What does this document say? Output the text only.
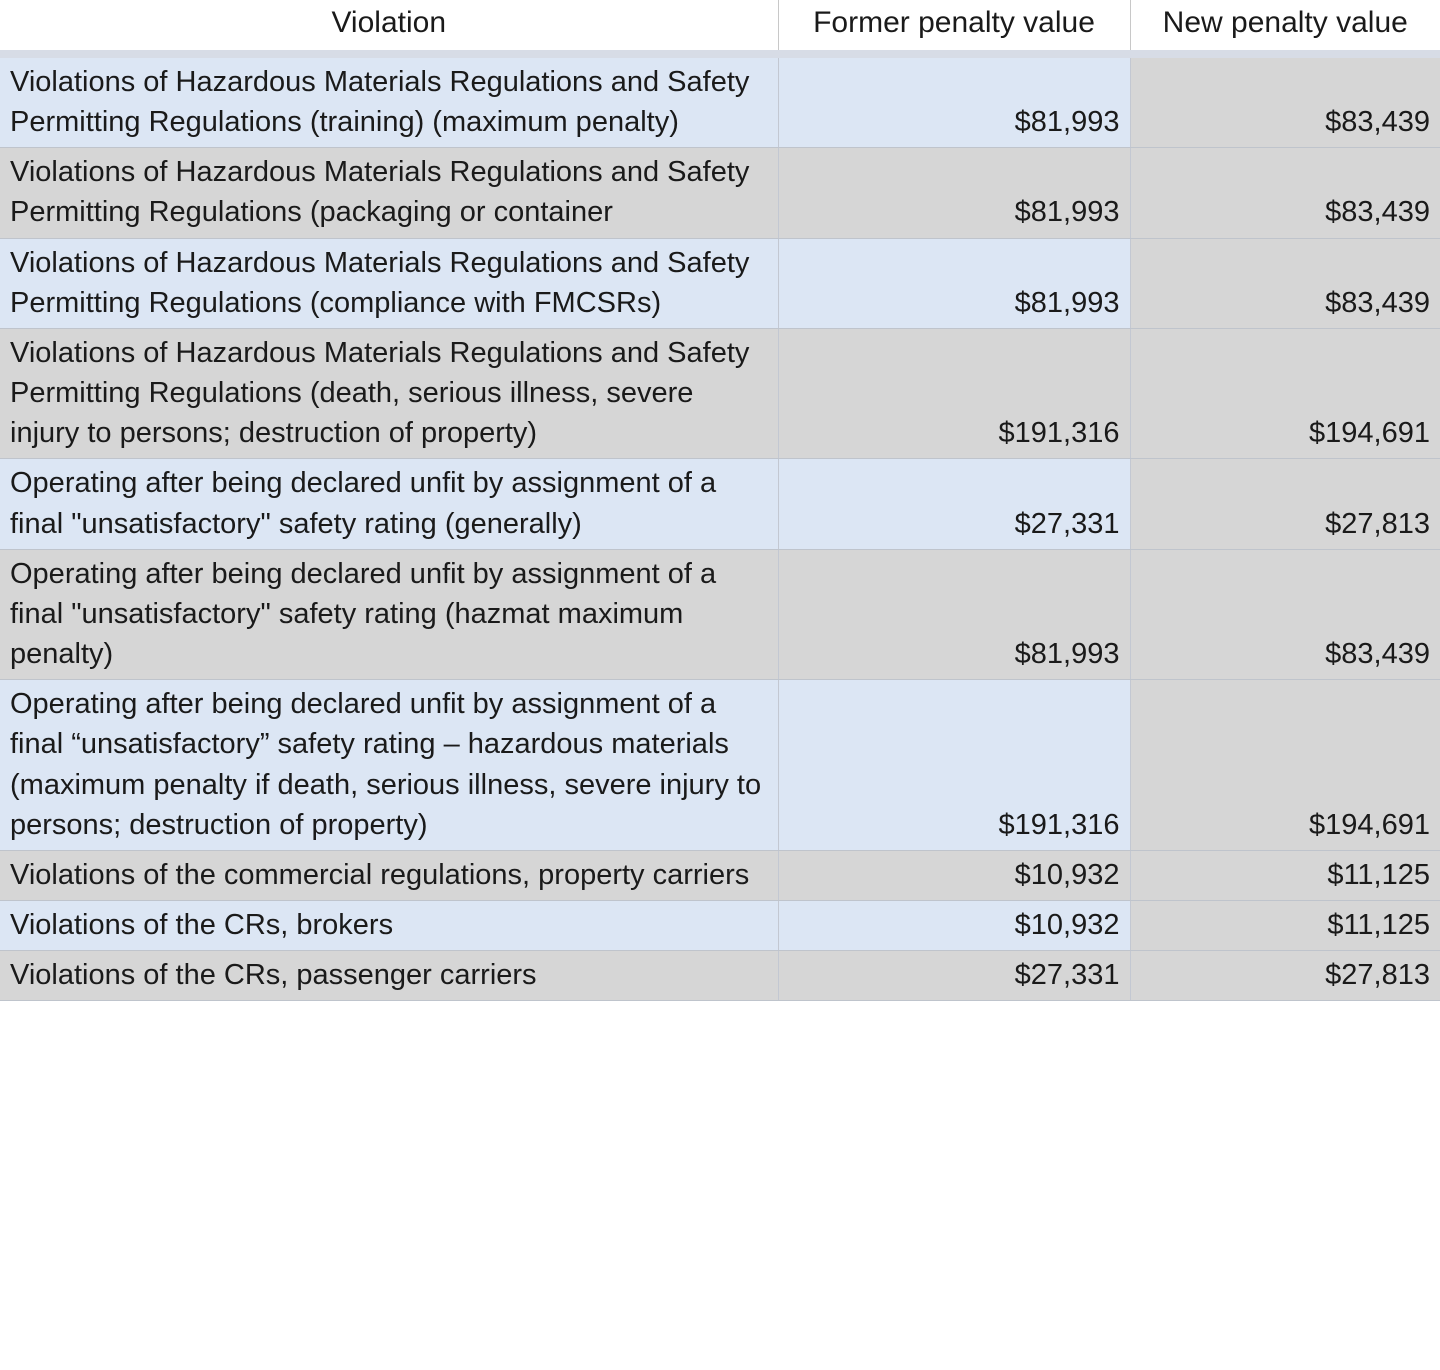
Violation	Former penalty value	New penalty value

Violations of Hazardous Materials Regulations and Safety Permitting Regulations (training) (maximum penalty)	$81,993	$83,439
Violations of Hazardous Materials Regulations and Safety Permitting Regulations (packaging or container	$81,993	$83,439
Violations of Hazardous Materials Regulations and Safety Permitting Regulations (compliance with FMCSRs)	$81,993	$83,439
Violations of Hazardous Materials Regulations and Safety Permitting Regulations (death, serious illness, severe injury to persons; destruction of property)	$191,316	$194,691
Operating after being declared unfit by assignment of a final "unsatisfactory" safety rating (generally)	$27,331	$27,813
Operating after being declared unfit by assignment of a final "unsatisfactory" safety rating (hazmat maximum penalty)	$81,993	$83,439
Operating after being declared unfit by assignment of a final “unsatisfactory” safety rating – hazardous materials (maximum penalty if death, serious illness, severe injury to persons; destruction of property)	$191,316	$194,691
Violations of the commercial regulations, property carriers	$10,932	$11,125
Violations of the CRs, brokers	$10,932	$11,125
Violations of the CRs, passenger carriers	$27,331	$27,813
